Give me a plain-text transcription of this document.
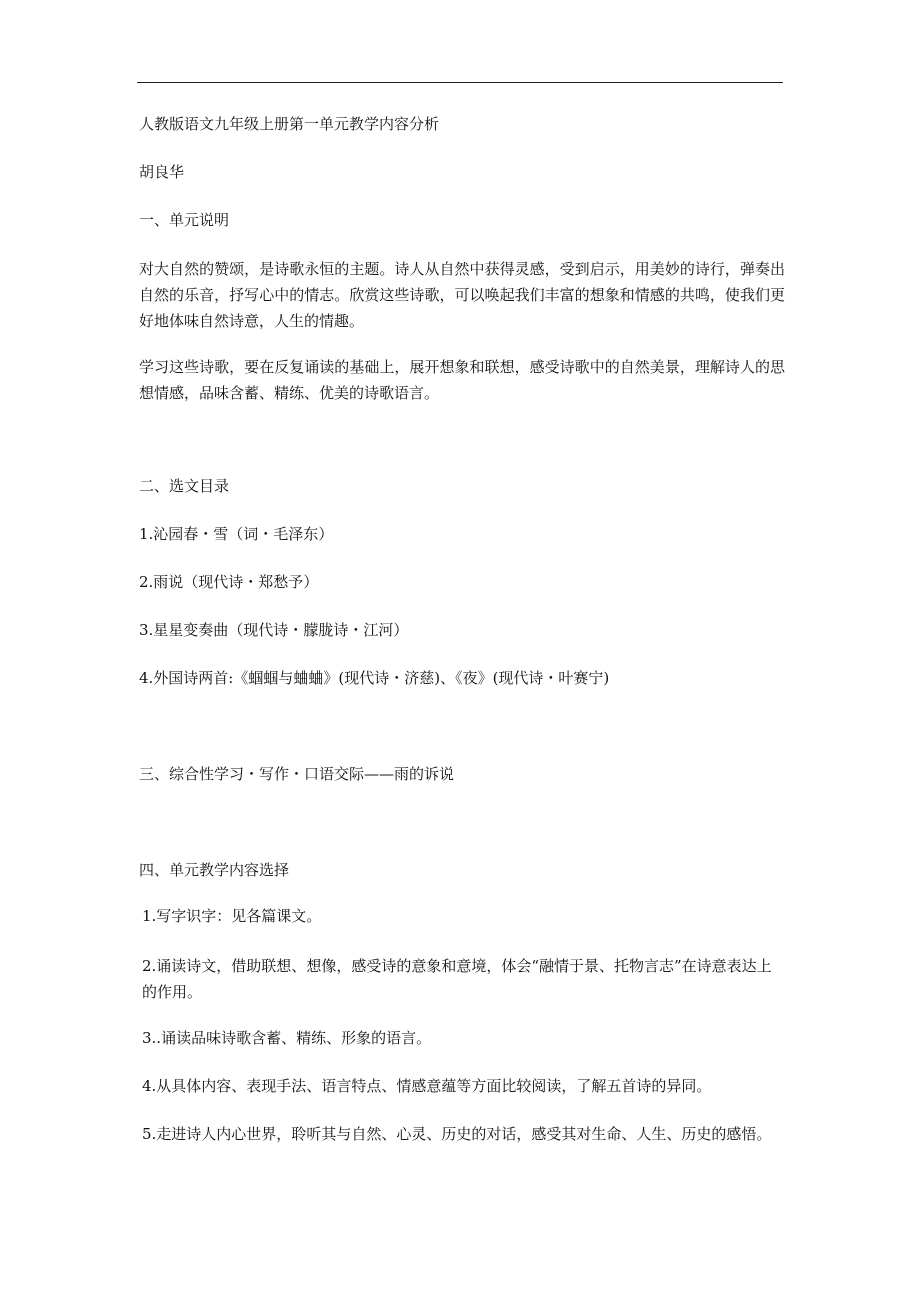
人教版语文九年级上册第一单元教学内容分析
胡良华
一、单元说明
对大自然的赞颂，是诗歌永恒的主题。诗人从自然中获得灵感，受到启示，用美妙的诗行，弹奏出自然的乐音，抒写心中的情志。欣赏这些诗歌，可以唤起我们丰富的想象和情感的共鸣，使我们更好地体味自然诗意，人生的情趣。
学习这些诗歌，要在反复诵读的基础上，展开想象和联想，感受诗歌中的自然美景，理解诗人的思想情感，品味含蓄、精练、优美的诗歌语言。
二、选文目录
1.沁园春・雪（词・毛泽东）
2.雨说（现代诗・郑愁予）
3.星星变奏曲（现代诗・朦胧诗・江河）
4.外国诗两首:《蝈蝈与蛐蛐》(现代诗・济慈)、《夜》(现代诗・叶赛宁)
三、综合性学习・写作・口语交际——雨的诉说
四、单元教学内容选择
1.写字识字：见各篇课文。
2.诵读诗文，借助联想、想像，感受诗的意象和意境，体会“融情于景、托物言志”在诗意表达上的作用。
3..诵读品味诗歌含蓄、精练、形象的语言。
4.从具体内容、表现手法、语言特点、情感意蕴等方面比较阅读，了解五首诗的异同。
5.走进诗人内心世界，聆听其与自然、心灵、历史的对话，感受其对生命、人生、历史的感悟。
